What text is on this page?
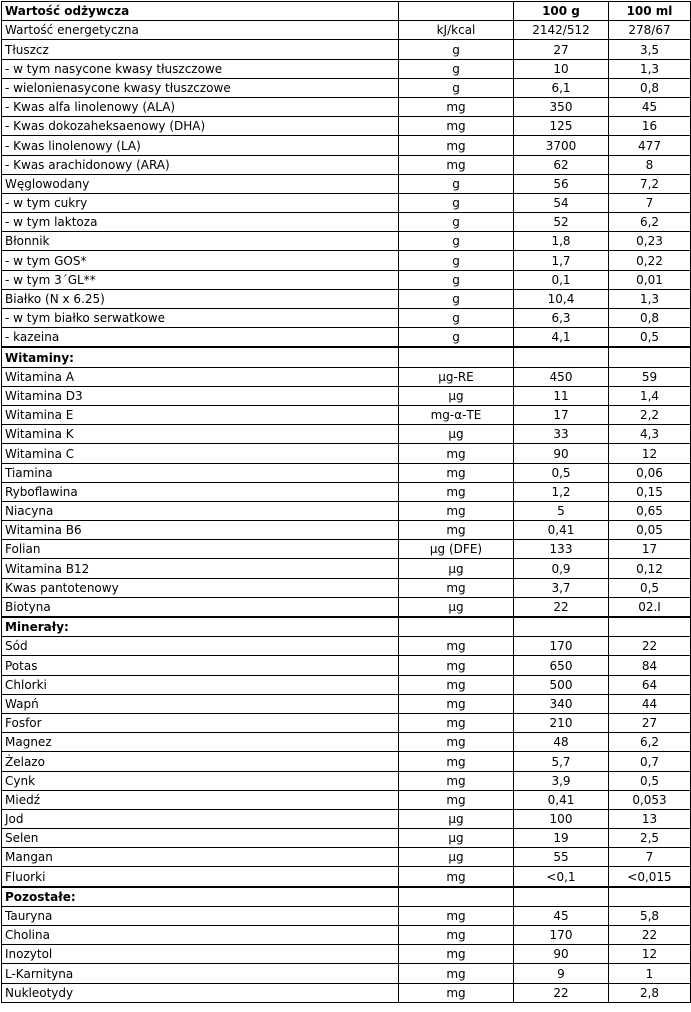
Wartość odżywcza		100 g	100 ml
Wartość energetyczna	kJ/kcal	2142/512	278/67
Tłuszcz	g	27	3,5
- w tym nasycone kwasy tłuszczowe	g	10	1,3
- wielonienasycone kwasy tłuszczowe	g	6,1	0,8
- Kwas alfa linolenowy (ALA)	mg	350	45
- Kwas dokozaheksaenowy (DHA)	mg	125	16
- Kwas linolenowy (LA)	mg	3700	477
- Kwas arachidonowy (ARA)	mg	62	8
Węglowodany	g	56	7,2
- w tym cukry	g	54	7
- w tym laktoza	g	52	6,2
Błonnik	g	1,8	0,23
- w tym GOS*	g	1,7	0,22
- w tym 3´GL**	g	0,1	0,01
Białko (N x 6.25)	g	10,4	1,3
- w tym białko serwatkowe	g	6,3	0,8
- kazeina	g	4,1	0,5
Witaminy:			
Witamina A	µg-RE	450	59
Witamina D3	µg	11	1,4
Witamina E	mg-α-TE	17	2,2
Witamina K	µg	33	4,3
Witamina C	mg	90	12
Tiamina	mg	0,5	0,06
Ryboflawina	mg	1,2	0,15
Niacyna	mg	5	0,65
Witamina B6	mg	0,41	0,05
Folian	µg (DFE)	133	17
Witamina B12	µg	0,9	0,12
Kwas pantotenowy	mg	3,7	0,5
Biotyna	µg	22	02.I
Minerały:			
Sód	mg	170	22
Potas	mg	650	84
Chlorki	mg	500	64
Wapń	mg	340	44
Fosfor	mg	210	27
Magnez	mg	48	6,2
Żelazo	mg	5,7	0,7
Cynk	mg	3,9	0,5
Miedź	mg	0,41	0,053
Jod	µg	100	13
Selen	µg	19	2,5
Mangan	µg	55	7
Fluorki	mg	<0,1	<0,015
Pozostałe:			
Tauryna	mg	45	5,8
Cholina	mg	170	22
Inozytol	mg	90	12
L-Karnityna	mg	9	1
Nukleotydy	mg	22	2,8
